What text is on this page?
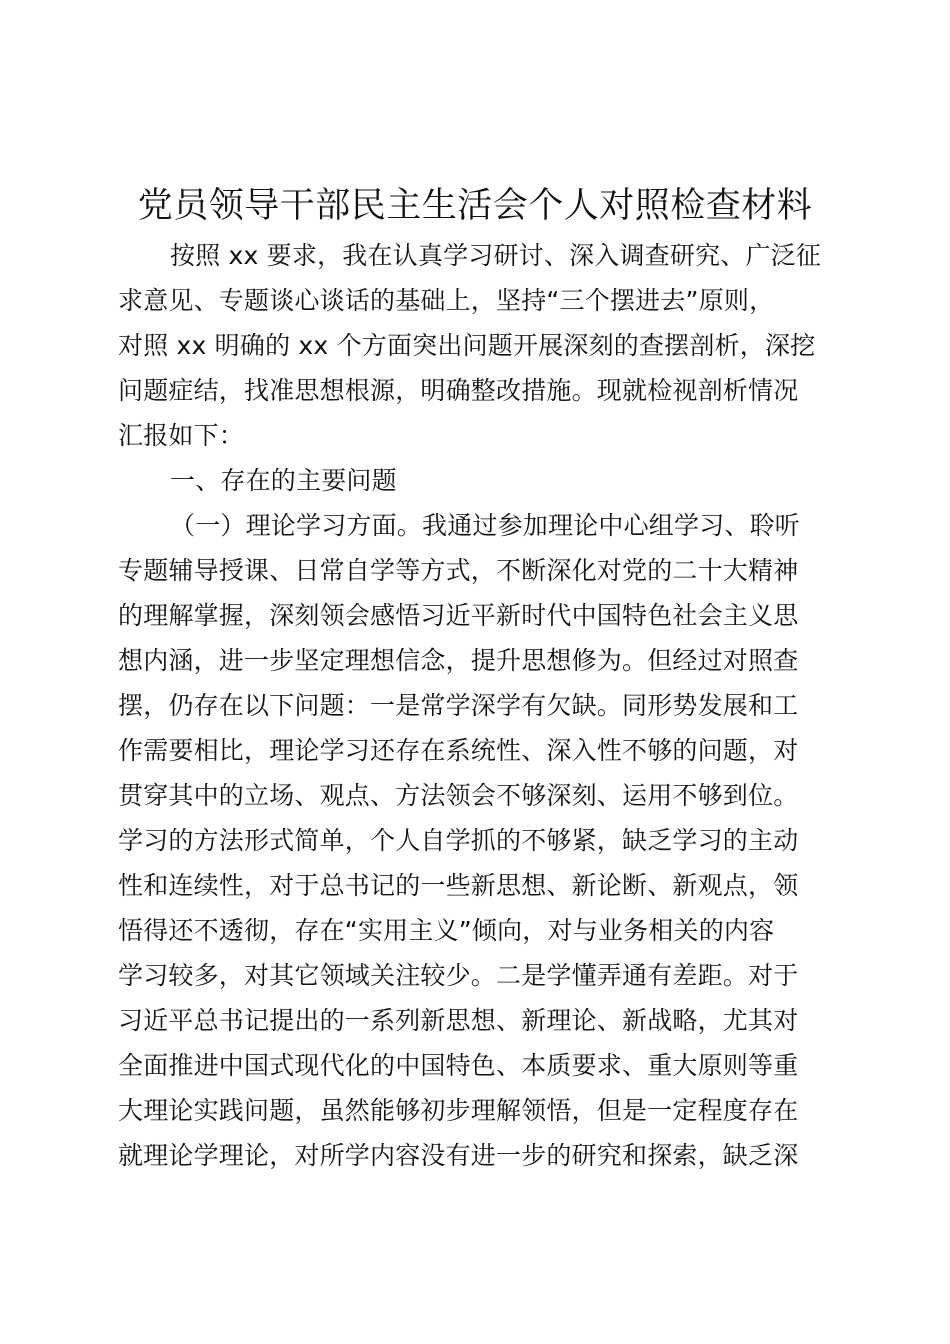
党员领导干部民主生活会个人对照检查材料
按照 xx 要求，我在认真学习研讨、深入调查研究、广泛征
求意见、专题谈心谈话的基础上，坚持“三个摆进去”原则，
对照 xx 明确的 xx 个方面突出问题开展深刻的查摆剖析，深挖
问题症结，找准思想根源，明确整改措施。现就检视剖析情况
汇报如下：
一、存在的主要问题
（一）理论学习方面。我通过参加理论中心组学习、聆听
专题辅导授课、日常自学等方式，不断深化对党的二十大精神
的理解掌握，深刻领会感悟习近平新时代中国特色社会主义思
想内涵，进一步坚定理想信念，提升思想修为。但经过对照查
摆，仍存在以下问题：一是常学深学有欠缺。同形势发展和工
作需要相比，理论学习还存在系统性、深入性不够的问题，对
贯穿其中的立场、观点、方法领会不够深刻、运用不够到位。
学习的方法形式简单，个人自学抓的不够紧，缺乏学习的主动
性和连续性，对于总书记的一些新思想、新论断、新观点，领
悟得还不透彻，存在“实用主义”倾向，对与业务相关的内容
学习较多，对其它领域关注较少。二是学懂弄通有差距。对于
习近平总书记提出的一系列新思想、新理论、新战略，尤其对
全面推进中国式现代化的中国特色、本质要求、重大原则等重
大理论实践问题，虽然能够初步理解领悟，但是一定程度存在
就理论学理论，对所学内容没有进一步的研究和探索，缺乏深
